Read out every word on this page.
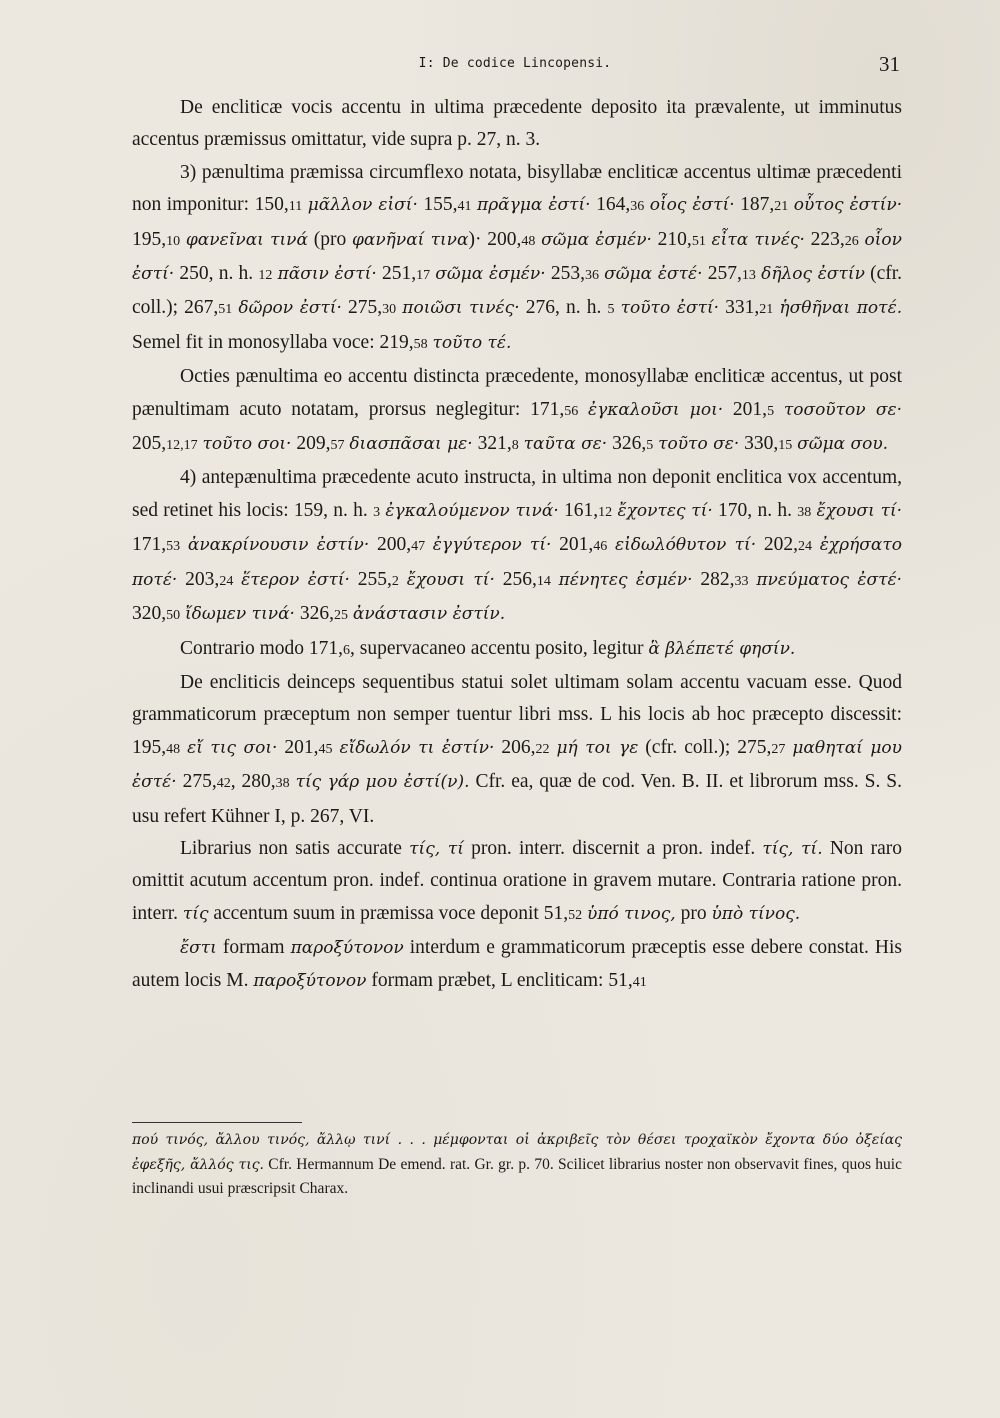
I: De codice Lincopensi.	31

De encliticæ vocis accentu in ultima præcedente deposito ita prævalente, ut imminutus accentus præmissus omittatur, vide supra p. 27, n. 3.

3) pænultima præmissa circumflexo notata, bisyllabæ encliticæ accentus ultimæ præcedenti non imponitur: 150,11 μᾶλλον εἰσί· 155,41 πρᾶγμα ἐστί· 164,36 οἷος ἐστί· 187,21 οὗτος ἐστίν· 195,10 φανεῖναι τινά (pro φανῆναί τινα)· 200,48 σῶμα ἐσμέν· 210,51 εἶτα τινές· 223,26 οἷον ἐστί· 250, n. h. 12 πᾶσιν ἐστί· 251,17 σῶμα ἐσμέν· 253,36 σῶμα ἐστέ· 257,13 δῆλος ἐστίν (cfr. coll.); 267,51 δῶρον ἐστί· 275,30 ποιῶσι τινές· 276, n. h. 5 τοῦτο ἐστί· 331,21 ἡσθῆναι ποτέ. Semel fit in monosyllaba voce: 219,58 τοῦτο τέ.

Octies pænultima eo accentu distincta præcedente, monosyllabæ encliticæ accentus, ut post pænultimam acuto notatam, prorsus neglegitur: 171,56 ἐγκαλοῦσι μοι· 201,5 τοσοῦτον σε· 205,12,17 τοῦτο σοι· 209,57 διασπᾶσαι με· 321,8 ταῦτα σε· 326,5 τοῦτο σε· 330,15 σῶμα σου.

4) antepænultima præcedente acuto instructa, in ultima non deponit enclitica vox accentum, sed retinet his locis: 159, n. h. 3 ἐγκαλούμενον τινά· 161,12 ἔχοντες τί· 170, n. h. 38 ἔχουσι τί· 171,53 ἀνακρίνουσιν ἐστίν· 200,47 ἐγγύτερον τί· 201,46 εἰδωλόθυτον τί· 202,24 ἐχρήσατο ποτέ· 203,24 ἕτερον ἐστί· 255,2 ἔχουσι τί· 256,14 πένητες ἐσμέν· 282,33 πνεύματος ἐστέ· 320,50 ἴδωμεν τινά· 326,25 ἀνάστασιν ἐστίν.

Contrario modo 171,6, supervacaneo accentu posito, legitur ἃ βλέπετέ φησίν.

De encliticis deinceps sequentibus statui solet ultimam solam accentu vacuam esse. Quod grammaticorum præceptum non semper tuentur libri mss. L his locis ab hoc præcepto discessit: 195,48 εἴ τις σοι· 201,45 εἴδωλόν τι ἐστίν· 206,22 μή τοι γε (cfr. coll.); 275,27 μαθηταί μου ἐστέ· 275,42, 280,38 τίς γάρ μου ἐστί(ν). Cfr. ea, quæ de cod. Ven. B. II. et librorum mss. S. S. usu refert Kühner I, p. 267, VI.

Librarius non satis accurate τίς, τί pron. interr. discernit a pron. indef. τίς, τί. Non raro omittit acutum accentum pron. indef. continua oratione in gravem mutare. Contraria ratione pron. interr. τίς accentum suum in præmissa voce deponit 51,52 ὑπό τινος, pro ὑπὸ τίνος.

ἔστι formam παροξύτονον interdum e grammaticorum præceptis esse debere constat. His autem locis M. παροξύτονον formam præbet, L encliticam: 51,41

πού τινός, ἄλλου τινός, ἄλλῳ τινί . . . μέμφονται οἱ ἀκριβεῖς τὸν θέσει τροχαϊκὸν ἔχοντα δύο ὀξείας ἐφεξῆς, ἄλλός τις. Cfr. Hermannum De emend. rat. Gr. gr. p. 70. Scilicet librarius noster non observavit fines, quos huic inclinandi usui præscripsit Charax.
